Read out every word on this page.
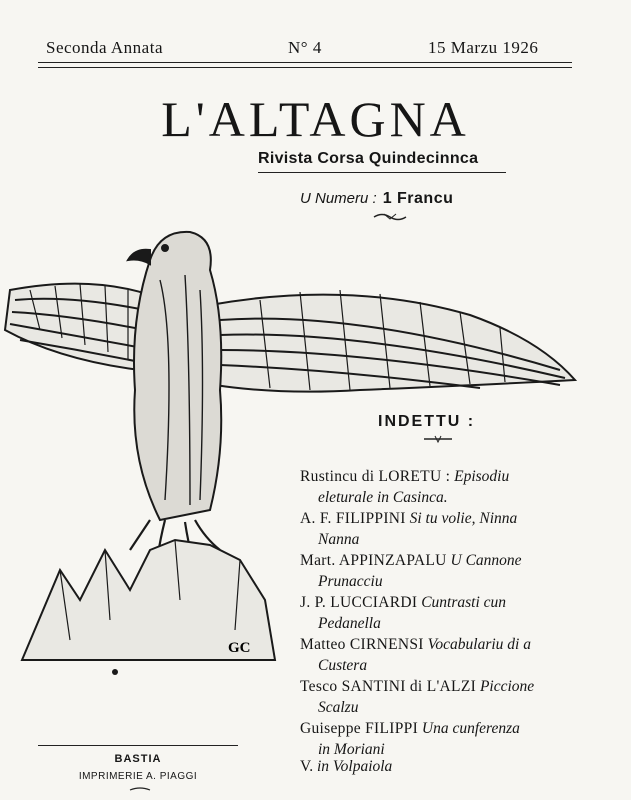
Seconda Annata	N° 4	15 Marzu 1926
L'ALTAGNA
Rivista Corsa Quindecinnca
U Numeru : 1 Francu
GC
INDETTU :
Rustincu di LORETU : Episodiu
eleturale in Casinca.
A. F. FILIPPINI Si tu volie, Ninna
Nanna
Mart. APPINZAPALU U Cannone
Prunacciu
J. P. LUCCIARDI Cuntrasti cun
Pedanella
Matteo CIRNENSI Vocabulariu di a
Custera
Tesco SANTINI di L'ALZI Piccione
Scalzu
Guiseppe FILIPPI Una cunferenza
in Moriani
V. in Volpaiola
BASTIA
IMPRIMERIE A. PIAGGI
